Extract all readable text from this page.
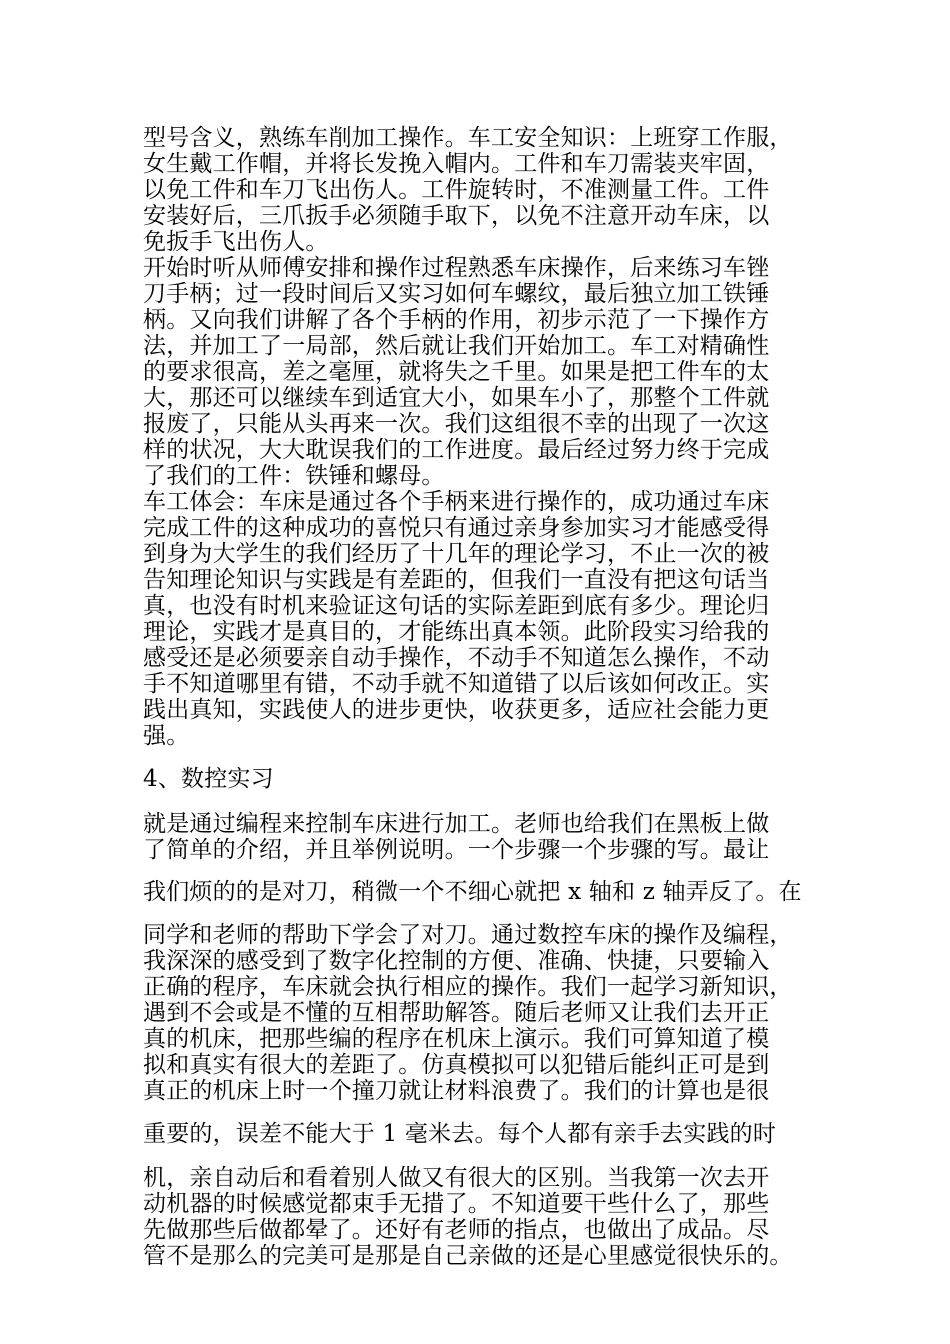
型号含义，熟练车削加工操作。车工安全知识：上班穿工作服，
女生戴工作帽，并将长发挽入帽内。工件和车刀需装夹牢固，
以免工件和车刀飞出伤人。工件旋转时，不准测量工件。工件
安装好后，三爪扳手必须随手取下，以免不注意开动车床，以
免扳手飞出伤人。
开始时听从师傅安排和操作过程熟悉车床操作，后来练习车锉
刀手柄；过一段时间后又实习如何车螺纹，最后独立加工铁锤
柄。又向我们讲解了各个手柄的作用，初步示范了一下操作方
法，并加工了一局部，然后就让我们开始加工。车工对精确性
的要求很高，差之毫厘，就将失之千里。如果是把工件车的太
大，那还可以继续车到适宜大小，如果车小了，那整个工件就
报废了，只能从头再来一次。我们这组很不幸的出现了一次这
样的状况，大大耽误我们的工作进度。最后经过努力终于完成
了我们的工件：铁锤和螺母。
车工体会：车床是通过各个手柄来进行操作的，成功通过车床
完成工件的这种成功的喜悦只有通过亲身参加实习才能感受得
到身为大学生的我们经历了十几年的理论学习，不止一次的被
告知理论知识与实践是有差距的，但我们一直没有把这句话当
真，也没有时机来验证这句话的实际差距到底有多少。理论归
理论，实践才是真目的，才能练出真本领。此阶段实习给我的
感受还是必须要亲自动手操作，不动手不知道怎么操作，不动
手不知道哪里有错，不动手就不知道错了以后该如何改正。实
践出真知，实践使人的进步更快，收获更多，适应社会能力更
强。
4、数控实习
就是通过编程来控制车床进行加工。老师也给我们在黑板上做
了简单的介绍，并且举例说明。一个步骤一个步骤的写。最让
我们烦的的是对刀，稍微一个不细心就把 x 轴和 z 轴弄反了。在
同学和老师的帮助下学会了对刀。通过数控车床的操作及编程，
我深深的感受到了数字化控制的方便、准确、快捷，只要输入
正确的程序，车床就会执行相应的操作。我们一起学习新知识，
遇到不会或是不懂的互相帮助解答。随后老师又让我们去开正
真的机床，把那些编的程序在机床上演示。我们可算知道了模
拟和真实有很大的差距了。仿真模拟可以犯错后能纠正可是到
真正的机床上时一个撞刀就让材料浪费了。我们的计算也是很
重要的，误差不能大于 1 毫米去。每个人都有亲手去实践的时
机，亲自动后和看着别人做又有很大的区别。当我第一次去开
动机器的时候感觉都束手无措了。不知道要干些什么了，那些
先做那些后做都晕了。还好有老师的指点，也做出了成品。尽
管不是那么的完美可是那是自己亲做的还是心里感觉很快乐的。
